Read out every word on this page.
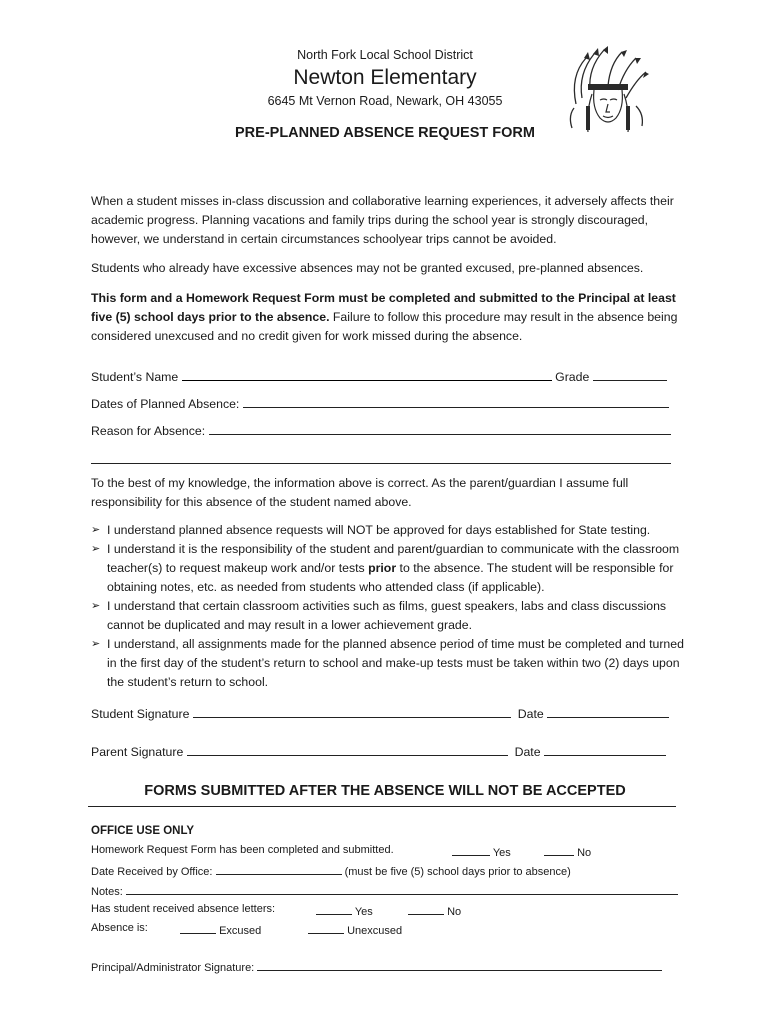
North Fork Local School District
Newton Elementary
6645 Mt Vernon Road, Newark, OH 43055
PRE-PLANNED ABSENCE REQUEST FORM
When a student misses in-class discussion and collaborative learning experiences, it adversely affects their academic progress. Planning vacations and family trips during the school year is strongly discouraged, however, we understand in certain circumstances schoolyear trips cannot be avoided.
Students who already have excessive absences may not be granted excused, pre-planned absences.
This form and a Homework Request Form must be completed and submitted to the Principal at least five (5) school days prior to the absence. Failure to follow this procedure may result in the absence being considered unexcused and no credit given for work missed during the absence.
Student’s Name	Grade
Dates of Planned Absence:
Reason for Absence:
To the best of my knowledge, the information above is correct. As the parent/guardian I assume full responsibility for this absence of the student named above.
➢ I understand planned absence requests will NOT be approved for days established for State testing.
➢ I understand it is the responsibility of the student and parent/guardian to communicate with the classroom teacher(s) to request makeup work and/or tests prior to the absence. The student will be responsible for obtaining notes, etc. as needed from students who attended class (if applicable).
➢ I understand that certain classroom activities such as films, guest speakers, labs and class discussions cannot be duplicated and may result in a lower achievement grade.
➢ I understand, all assignments made for the planned absence period of time must be completed and turned in the first day of the student’s return to school and make-up tests must be taken within two (2) days upon the student’s return to school.
Student Signature	Date
Parent Signature	Date
FORMS SUBMITTED AFTER THE ABSENCE WILL NOT BE ACCEPTED
OFFICE USE ONLY
Homework Request Form has been completed and submitted.	Yes	No
Date Received by Office:	(must be five (5) school days prior to absence)
Notes:
Has student received absence letters:	Yes	No
Absence is:	Excused	Unexcused
Principal/Administrator Signature:
